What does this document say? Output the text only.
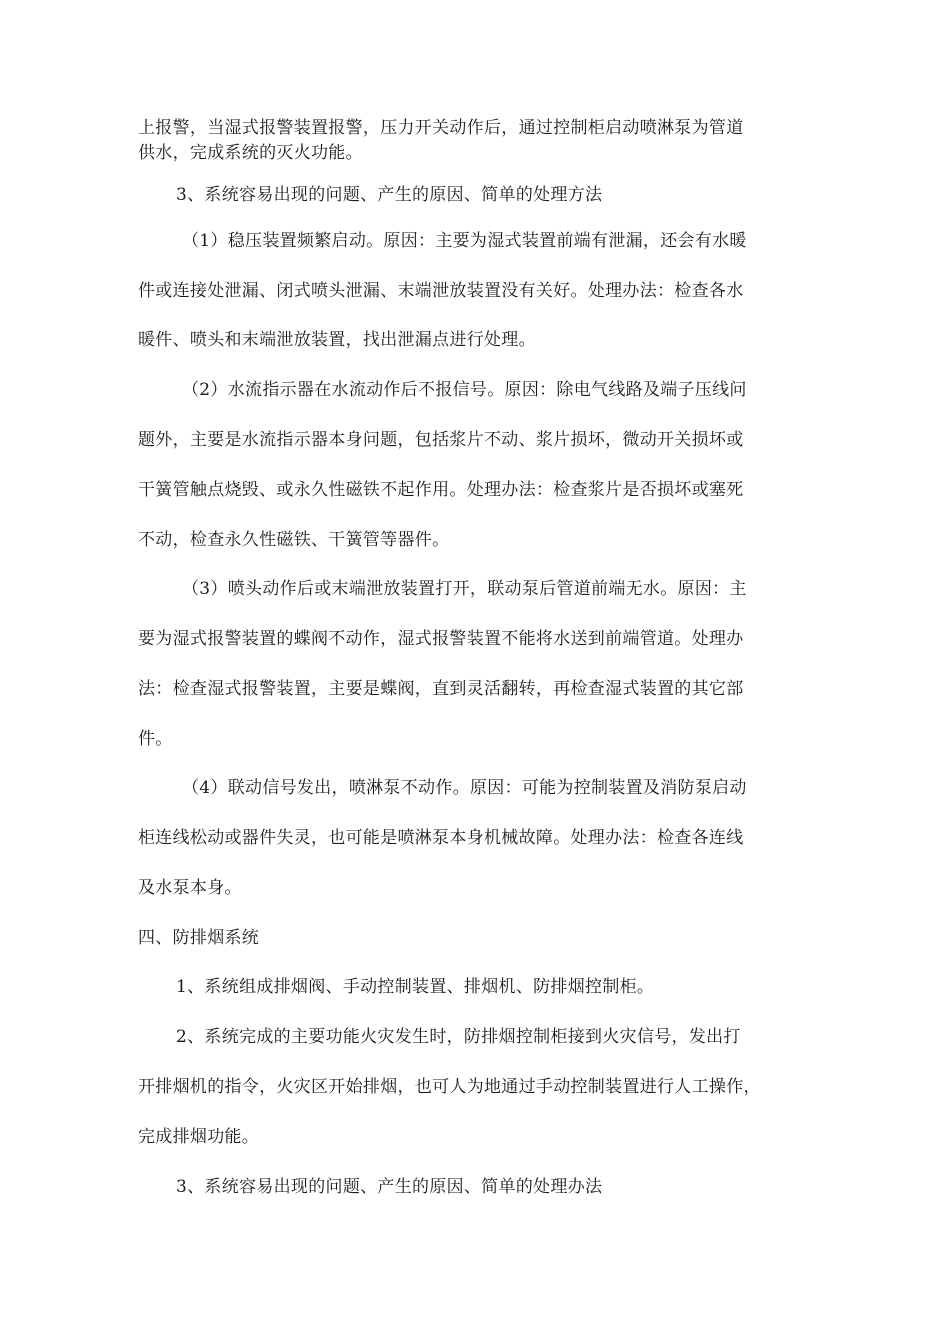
上报警，当湿式报警装置报警，压力开关动作后，通过控制柜启动喷淋泵为管道
供水，完成系统的灭火功能。
3、系统容易出现的问题、产生的原因、简单的处理方法
（1）稳压装置频繁启动。原因：主要为湿式装置前端有泄漏，还会有水暖
件或连接处泄漏、闭式喷头泄漏、末端泄放装置没有关好。处理办法：检查各水
暖件、喷头和末端泄放装置，找出泄漏点进行处理。
（2）水流指示器在水流动作后不报信号。原因：除电气线路及端子压线问
题外，主要是水流指示器本身问题，包括浆片不动、浆片损坏，微动开关损坏或
干簧管触点烧毁、或永久性磁铁不起作用。处理办法：检查浆片是否损坏或塞死
不动，检查永久性磁铁、干簧管等器件。
（3）喷头动作后或末端泄放装置打开，联动泵后管道前端无水。原因：主
要为湿式报警装置的蝶阀不动作，湿式报警装置不能将水送到前端管道。处理办
法：检查湿式报警装置，主要是蝶阀，直到灵活翻转，再检查湿式装置的其它部
件。
（4）联动信号发出，喷淋泵不动作。原因：可能为控制装置及消防泵启动
柜连线松动或器件失灵，也可能是喷淋泵本身机械故障。处理办法：检查各连线
及水泵本身。
四、防排烟系统
1、系统组成排烟阀、手动控制装置、排烟机、防排烟控制柜。
2、系统完成的主要功能火灾发生时，防排烟控制柜接到火灾信号，发出打
开排烟机的指令，火灾区开始排烟，也可人为地通过手动控制装置进行人工操作，
完成排烟功能。
3、系统容易出现的问题、产生的原因、简单的处理办法
